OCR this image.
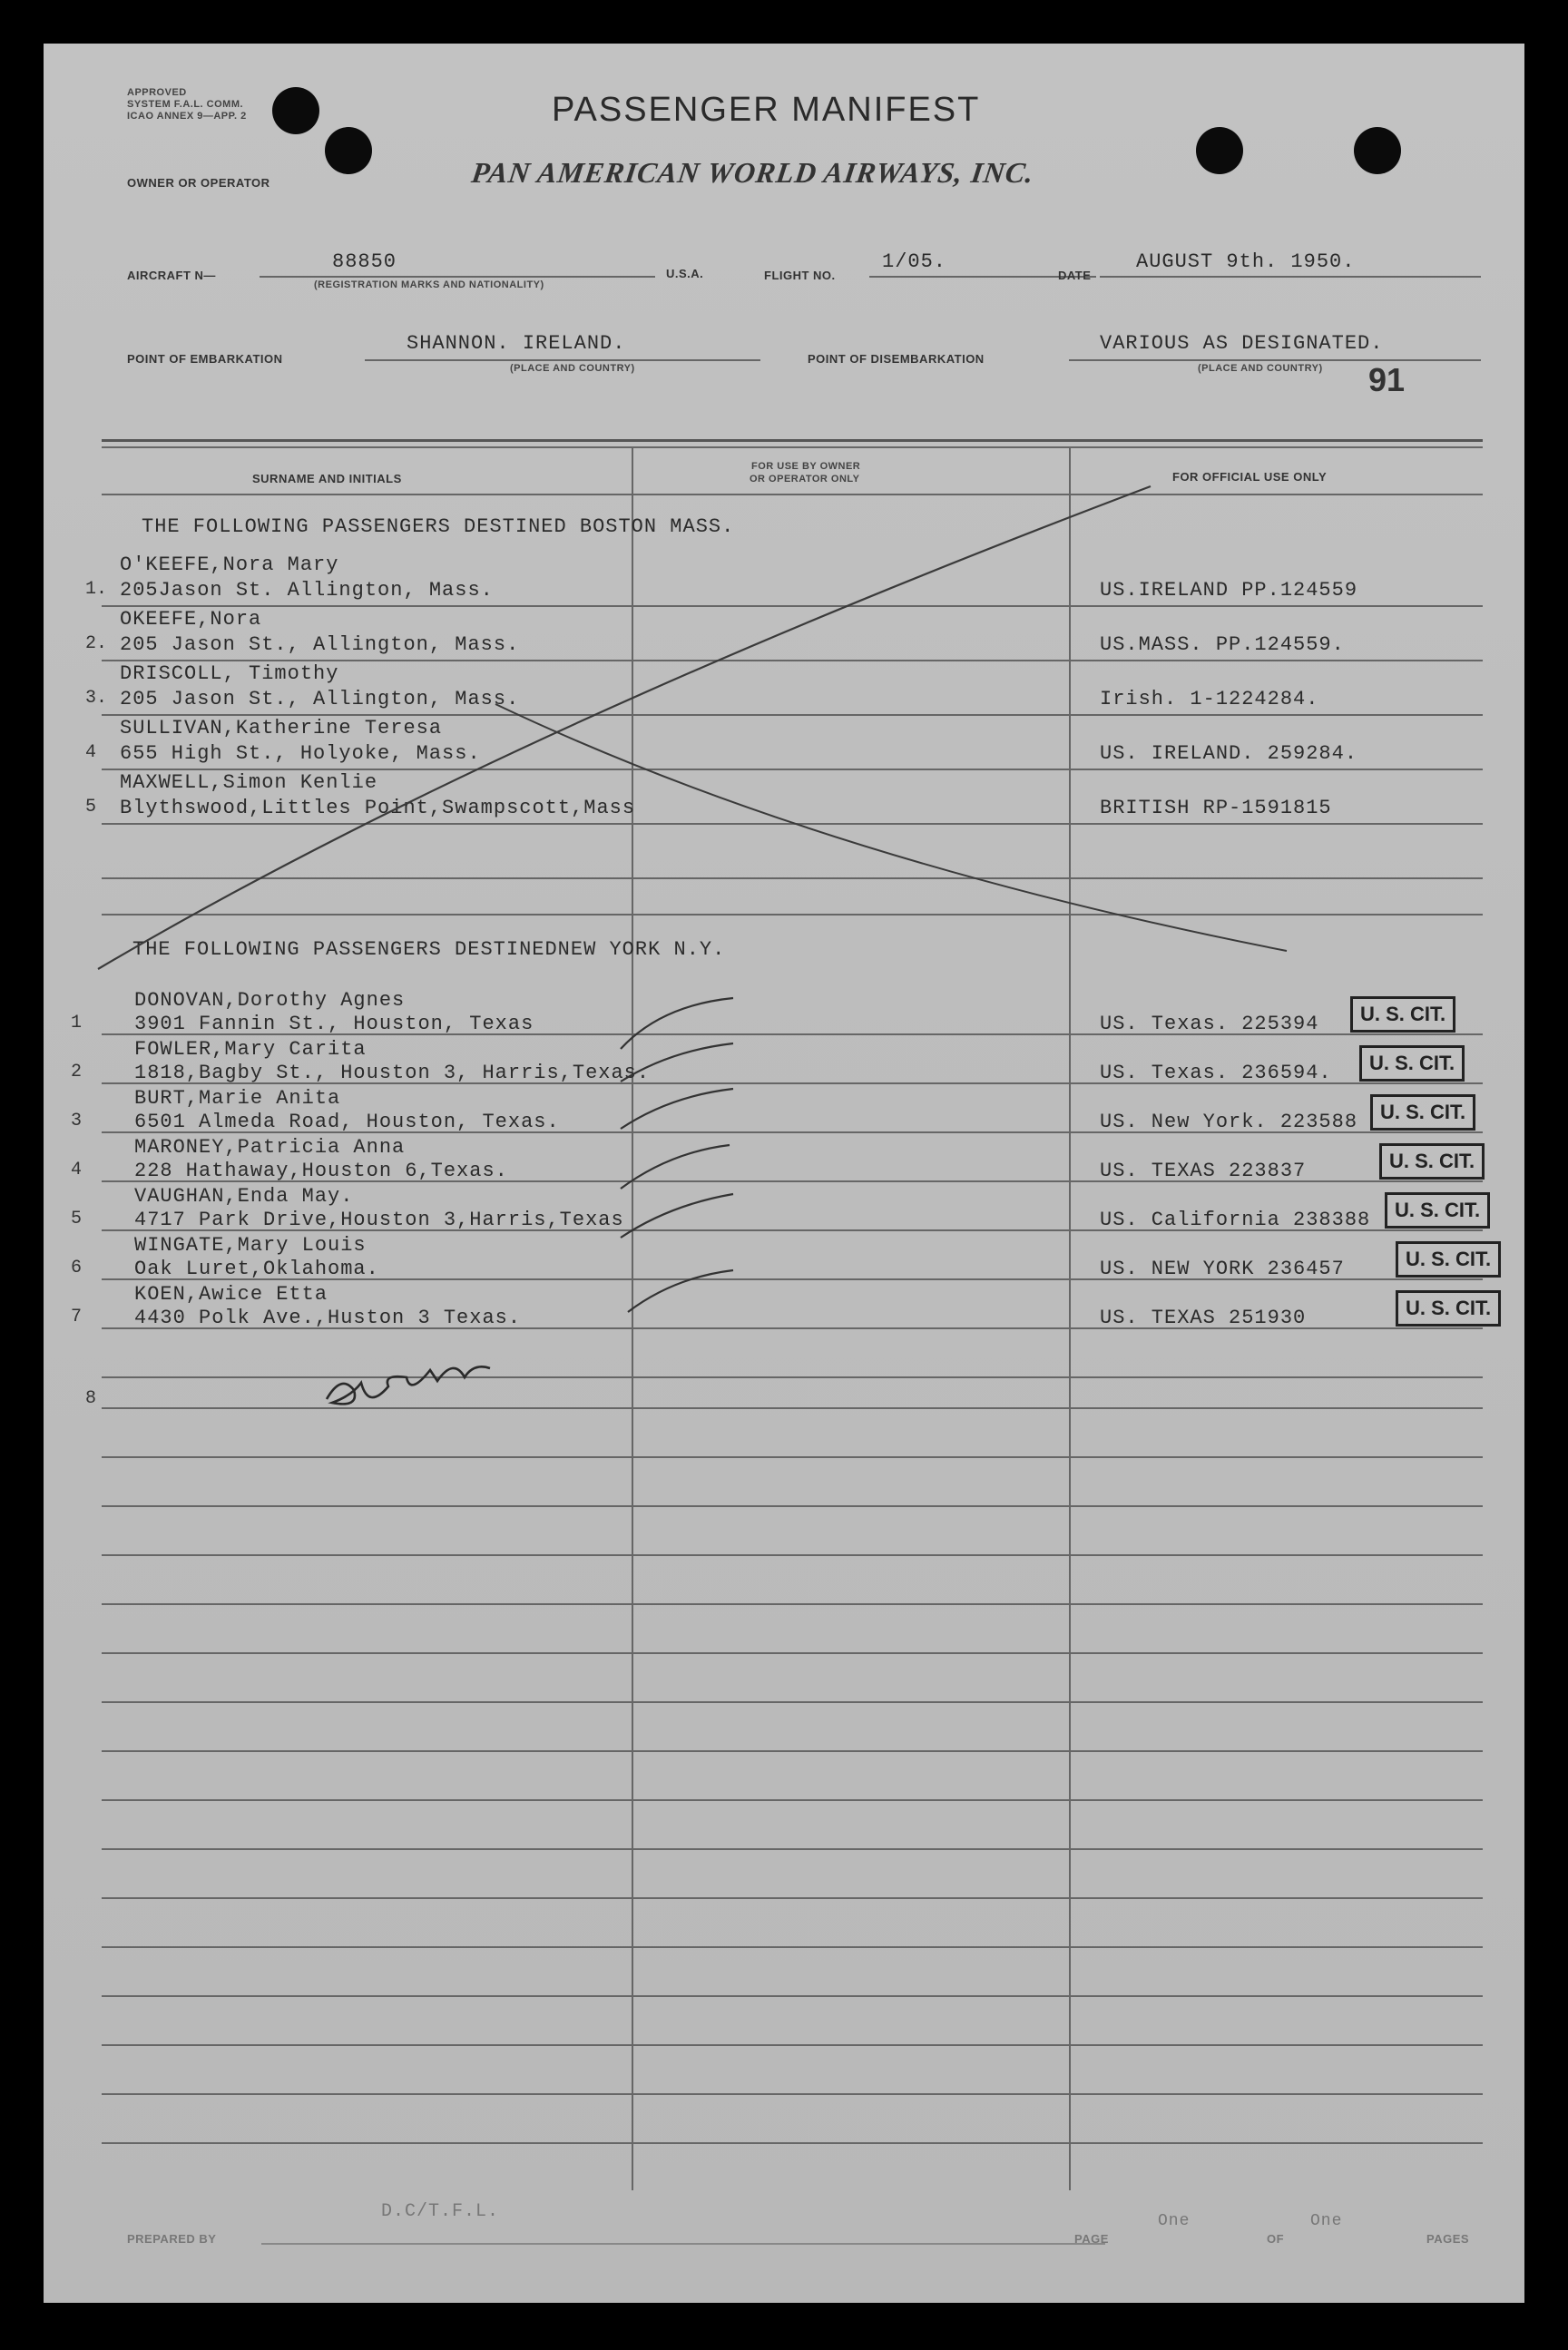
APPROVED
SYSTEM F.A.L. COMM.
ICAO ANNEX 9—APP. 2
OWNER OR OPERATOR
PASSENGER MANIFEST
PAN AMERICAN WORLD AIRWAYS, INC.
AIRCRAFT N—
88850
(REGISTRATION MARKS AND NATIONALITY)
U.S.A.	FLIGHT NO.
1/05.
DATE
AUGUST 9th. 1950.
POINT OF EMBARKATION
SHANNON. IRELAND.
(PLACE AND COUNTRY)
POINT OF DISEMBARKATION
VARIOUS AS DESIGNATED.
(PLACE AND COUNTRY) 91
SURNAME AND INITIALS
FOR USE BY OWNER
OR OPERATOR ONLY	FOR OFFICIAL USE ONLY
THE FOLLOWING PASSENGERS DESTINED BOSTON MASS.
O'KEEFE,Nora Mary
1. 205Jason St. Allington, Mass.	US.IRELAND PP.124559
OKEEFE,Nora
2. 205 Jason St., Allington, Mass.	US.MASS. PP.124559.
DRISCOLL, Timothy
3. 205 Jason St., Allington, Mass.	Irish. 1-1224284.
SULLIVAN,Katherine Teresa
4 655 High St., Holyoke, Mass.	US. IRELAND. 259284.
MAXWELL,Simon Kenlie
5 Blythswood,Littles Point,Swampscott,Mass	BRITISH RP-1591815
THE FOLLOWING PASSENGERS DESTINEDNEW YORK N.Y.
DONOVAN,Dorothy Agnes
1	3901 Fannin St., Houston, Texas	US. Texas. 225394	U. S. CIT.
FOWLER,Mary Carita
2	1818,Bagby St., Houston 3, Harris,Texas.	US. Texas. 236594.	U. S. CIT.
BURT,Marie Anita
3	6501 Almeda Road, Houston, Texas.	US. New York. 223588	U. S. CIT.
MARONEY,Patricia Anna
4	228 Hathaway,Houston 6,Texas.	US. TEXAS 223837	U. S. CIT.
VAUGHAN,Enda May.
5	4717 Park Drive,Houston 3,Harris,Texas	US. California 238388	U. S. CIT.
WINGATE,Mary Louis
6	Oak Luret,Oklahoma.	US. NEW YORK 236457	U. S. CIT.
KOEN,Awice Etta
7	4430 Polk Ave.,Huston 3 Texas.	US. TEXAS 251930	U. S. CIT.
8
D.C/T.F.L.
PREPARED BY	PAGE
One
OF
One
PAGES
